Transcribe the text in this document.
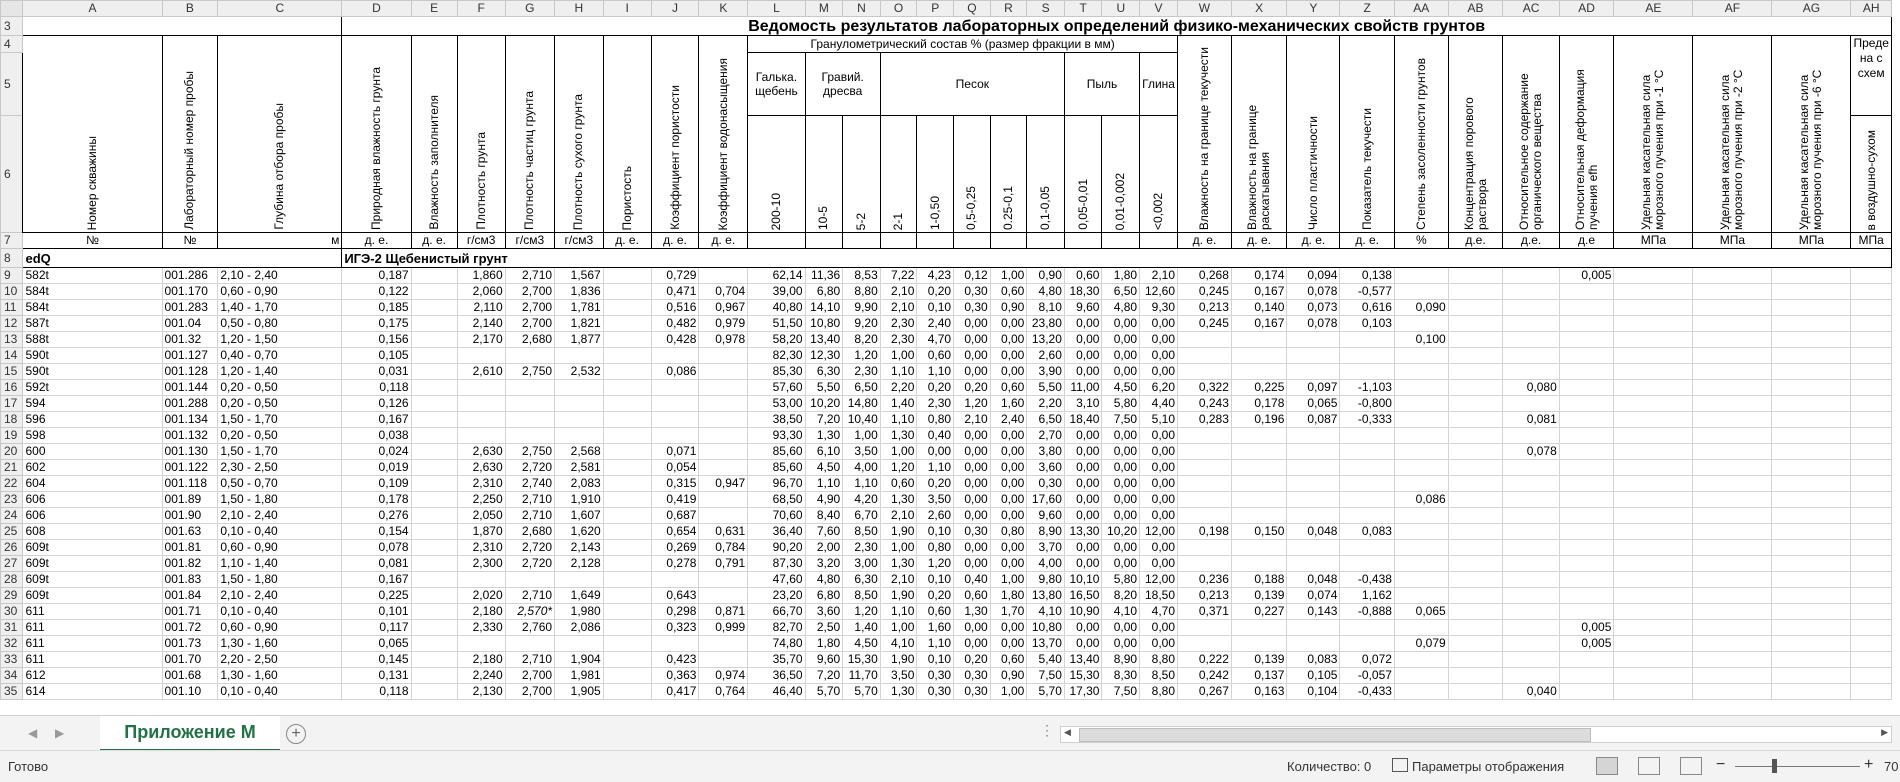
	A	B	C	D	E	F	G	H	I	J	K	L	M	N	O	P	Q	R	S	T	U	V	W	X	Y	Z	AA	AB	AC	AD	AE	AF	AG	AH
3				Ведомость результатов лабораторных определений физико-механических свойств грунтов																														
4	Номер скважины	Лабораторный номер пробы	Глубина отбора пробы	Природная влажность грунта	Влажность заполнителя	Плотность грунта	Плотность частиц грунта	Плотность сухого грунта	Пористость	Коэффициент пористости	Коэффициент водонасыщения	Гранулометрический состав % (размер фракции в мм)											Влажность на границе текучести	Влажность на границе раскатывания	Число пластичности	Показатель текучести	Степень засоленности грунтов	Концентрация порового раствора	Относительное содержание органического вещества	Относительная деформация пучения efh	Удельная касательная сила морозного пучения при -1 °С	Удельная касательная сила морозного пучения при -2 °С	Удельная касательная сила морозного пучения при -6 °С	Преде на с схем
5												Галька. щебень	Гравий. дресва		Песок					Пыль		Глина												
6												200-10	10-5	5-2	2-1	1-0,50	0,5-0,25	0.25-0,1	0,1-0,05	0,05-0,01	0,01-0,002	<0,002												в воздушно-сухом

7	№	№	м	д. е.	д. е.	г/см3	г/см3	г/см3	д. е.	д. е.	д. е.												д. е.	д. е.	д. е.	д. е.	%	д.е.	д.е.	д.е	МПа	МПа	МПа	МПа
8	edQ			ИГЭ-2 Щебенистый грунт																														
9	582t	001.286	2,10 - 2,40	0,187		1,860	2,710	1,567		0,729		62,14	11,36	8,53	7,22	4,23	0,12	1,00	0,90	0,60	1,80	2,10	0,268	0,174	0,094	0,138				0,005				
10	584t	001.170	0,60 - 0,90	0,122		2,060	2,700	1,836		0,471	0,704	39,00	6,80	8,80	2,10	0,20	0,30	0,60	4,80	18,30	6,50	12,60	0,245	0,167	0,078	-0,577								
11	584t	001.283	1,40 - 1,70	0,185		2,110	2,700	1,781		0,516	0,967	40,80	14,10	9,90	2,10	0,10	0,30	0,90	8,10	9,60	4,80	9,30	0,213	0,140	0,073	0,616	0,090							
12	587t	001.04	0,50 - 0,80	0,175		2,140	2,700	1,821		0,482	0,979	51,50	10,80	9,20	2,30	2,40	0,00	0,00	23,80	0,00	0,00	0,00	0,245	0,167	0,078	0,103								
13	588t	001.32	1,20 - 1,50	0,156		2,170	2,680	1,877		0,428	0,978	58,20	13,40	8,20	2,30	4,70	0,00	0,00	13,20	0,00	0,00	0,00					0,100							
14	590t	001.127	0,40 - 0,70	0,105								82,30	12,30	1,20	1,00	0,60	0,00	0,00	2,60	0,00	0,00	0,00												
15	590t	001.128	1,20 - 1,40	0,031		2,610	2,750	2,532		0,086		85,30	6,30	2,30	1,10	1,10	0,00	0,00	3,90	0,00	0,00	0,00												
16	592t	001.144	0,20 - 0,50	0,118								57,60	5,50	6,50	2,20	0,20	0,20	0,60	5,50	11,00	4,50	6,20	0,322	0,225	0,097	-1,103			0,080					
17	594	001.288	0,20 - 0,50	0,126								53,00	10,20	14,80	1,40	2,30	1,20	1,60	2,20	3,10	5,80	4,40	0,243	0,178	0,065	-0,800								
18	596	001.134	1,50 - 1,70	0,167								38,50	7,20	10,40	1,10	0,80	2,10	2,40	6,50	18,40	7,50	5,10	0,283	0,196	0,087	-0,333			0,081					
19	598	001.132	0,20 - 0,50	0,038								93,30	1,30	1,00	1,30	0,40	0,00	0,00	2,70	0,00	0,00	0,00												
20	600	001.130	1,50 - 1,70	0,024		2,630	2,750	2,568		0,071		85,60	6,10	3,50	1,00	0,00	0,00	0,00	3,80	0,00	0,00	0,00							0,078					
21	602	001.122	2,30 - 2,50	0,019		2,630	2,720	2,581		0,054		85,60	4,50	4,00	1,20	1,10	0,00	0,00	3,60	0,00	0,00	0,00												
22	604	001.118	0,50 - 0,70	0,109		2,310	2,740	2,083		0,315	0,947	96,70	1,10	1,10	0,60	0,20	0,00	0,00	0,30	0,00	0,00	0,00												
23	606	001.89	1,50 - 1,80	0,178		2,250	2,710	1,910		0,419		68,50	4,90	4,20	1,30	3,50	0,00	0,00	17,60	0,00	0,00	0,00					0,086							
24	606	001.90	2,10 - 2,40	0,276		2,050	2,710	1,607		0,687		70,60	8,40	6,70	2,10	2,60	0,00	0,00	9,60	0,00	0,00	0,00												
25	608	001.63	0,10 - 0,40	0,154		1,870	2,680	1,620		0,654	0,631	36,40	7,60	8,50	1,90	0,10	0,30	0,80	8,90	13,30	10,20	12,00	0,198	0,150	0,048	0,083								
26	609t	001.81	0,60 - 0,90	0,078		2,310	2,720	2,143		0,269	0,784	90,20	2,00	2,30	1,00	0,80	0,00	0,00	3,70	0,00	0,00	0,00												
27	609t	001.82	1,10 - 1,40	0,081		2,300	2,720	2,128		0,278	0,791	87,30	3,20	3,00	1,30	1,20	0,00	0,00	4,00	0,00	0,00	0,00												
28	609t	001.83	1,50 - 1,80	0,167								47,60	4,80	6,30	2,10	0,10	0,40	1,00	9,80	10,10	5,80	12,00	0,236	0,188	0,048	-0,438								
29	609t	001.84	2,10 - 2,40	0,225		2,020	2,710	1,649		0,643		23,20	6,80	8,50	1,90	0,20	0,60	1,80	13,80	16,50	8,20	18,50	0,213	0,139	0,074	1,162								
30	611	001.71	0,10 - 0,40	0,101		2,180	2,570*	1,980		0,298	0,871	66,70	3,60	1,20	1,10	0,60	1,30	1,70	4,10	10,90	4,10	4,70	0,371	0,227	0,143	-0,888	0,065							
31	611	001.72	0,60 - 0,90	0,117		2,330	2,760	2,086		0,323	0,999	82,70	2,50	1,40	1,00	1,60	0,00	0,00	10,80	0,00	0,00	0,00								0,005				
32	611	001.73	1,30 - 1,60	0,065								74,80	1,80	4,50	4,10	1,10	0,00	0,00	13,70	0,00	0,00	0,00					0,079			0,005				
33	611	001.70	2,20 - 2,50	0,145		2,180	2,710	1,904		0,423		35,70	9,60	15,30	1,90	0,10	0,20	0,60	5,40	13,40	8,90	8,80	0,222	0,139	0,083	0,072								
34	612	001.68	1,30 - 1,60	0,131		2,240	2,700	1,981		0,363	0,974	36,50	7,20	11,70	3,50	0,30	0,30	0,90	7,50	15,30	8,30	8,50	0,242	0,137	0,105	-0,057								
35	614	001.10	0,10 - 0,40	0,118		2,130	2,700	1,905		0,417	0,764	46,40	5,70	5,70	1,30	0,30	0,30	1,00	5,70	17,30	7,50	8,80	0,267	0,163	0,104	-0,433			0,040					
◀ ▶	Приложение М	+	⋮ ◀	▶
Готово	Количество: 0	Параметры отображения	−	+ 70
